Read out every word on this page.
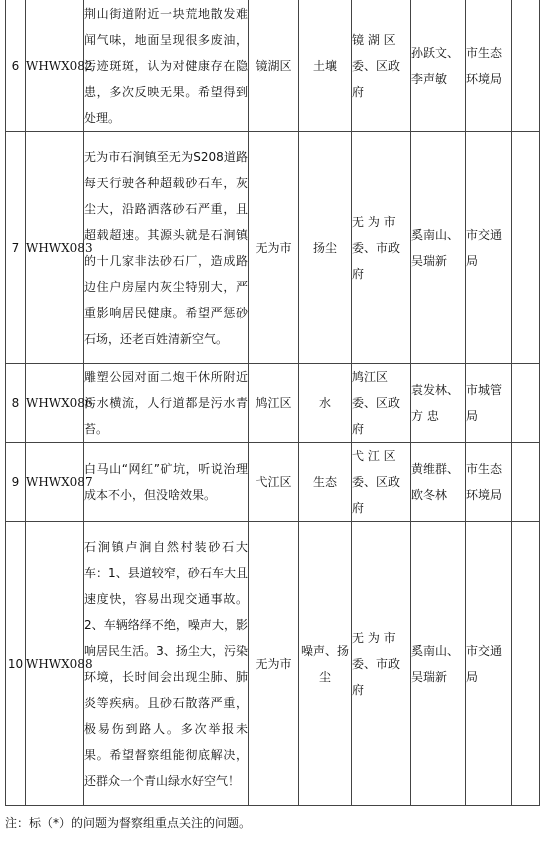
6	WHWX082	荆山街道附近一块荒地散发难闻气味，地面呈现很多废油，污迹斑斑，认为对健康存在隐患，多次反映无果。希望得到处理。	镜湖区	土壤	镜 湖 区委、区政府	孙跃文、李声敏	市生态环境局	
7	WHWX083	无为市石涧镇至无为S208道路每天行驶各种超载砂石车，灰尘大，沿路洒落砂石严重，且超载超速。其源头就是石涧镇的十几家非法砂石厂，造成路边住户房屋内灰尘特别大，严重影响居民健康。希望严惩砂石场，还老百姓清新空气。	无为市	扬尘	无 为 市委、市政府	奚南山、吴瑞新	市交通局	
8	WHWX086	雕塑公园对面二炮干休所附近污水横流，人行道都是污水青苔。	鸠江区	水	鸠江区委、区政府	袁发林、方 忠	市城管局	
9	WHWX087	白马山“网红”矿坑，听说治理成本不小，但没啥效果。	弋江区	生态	弋 江 区委、区政府	黄维群、欧冬林	市生态环境局	
10	WHWX088	石涧镇卢涧自然村装砂石大车：1、县道较窄，砂石车大且速度快，容易出现交通事故。2、车辆络绎不绝，噪声大，影响居民生活。3、扬尘大，污染环境，长时间会出现尘肺、肺炎等疾病。且砂石散落严重，极易伤到路人。多次举报未果。希望督察组能彻底解决，还群众一个青山绿水好空气！	无为市	噪声、扬尘	无 为 市委、市政府	奚南山、吴瑞新	市交通局	
注：标（*）的问题为督察组重点关注的问题。
